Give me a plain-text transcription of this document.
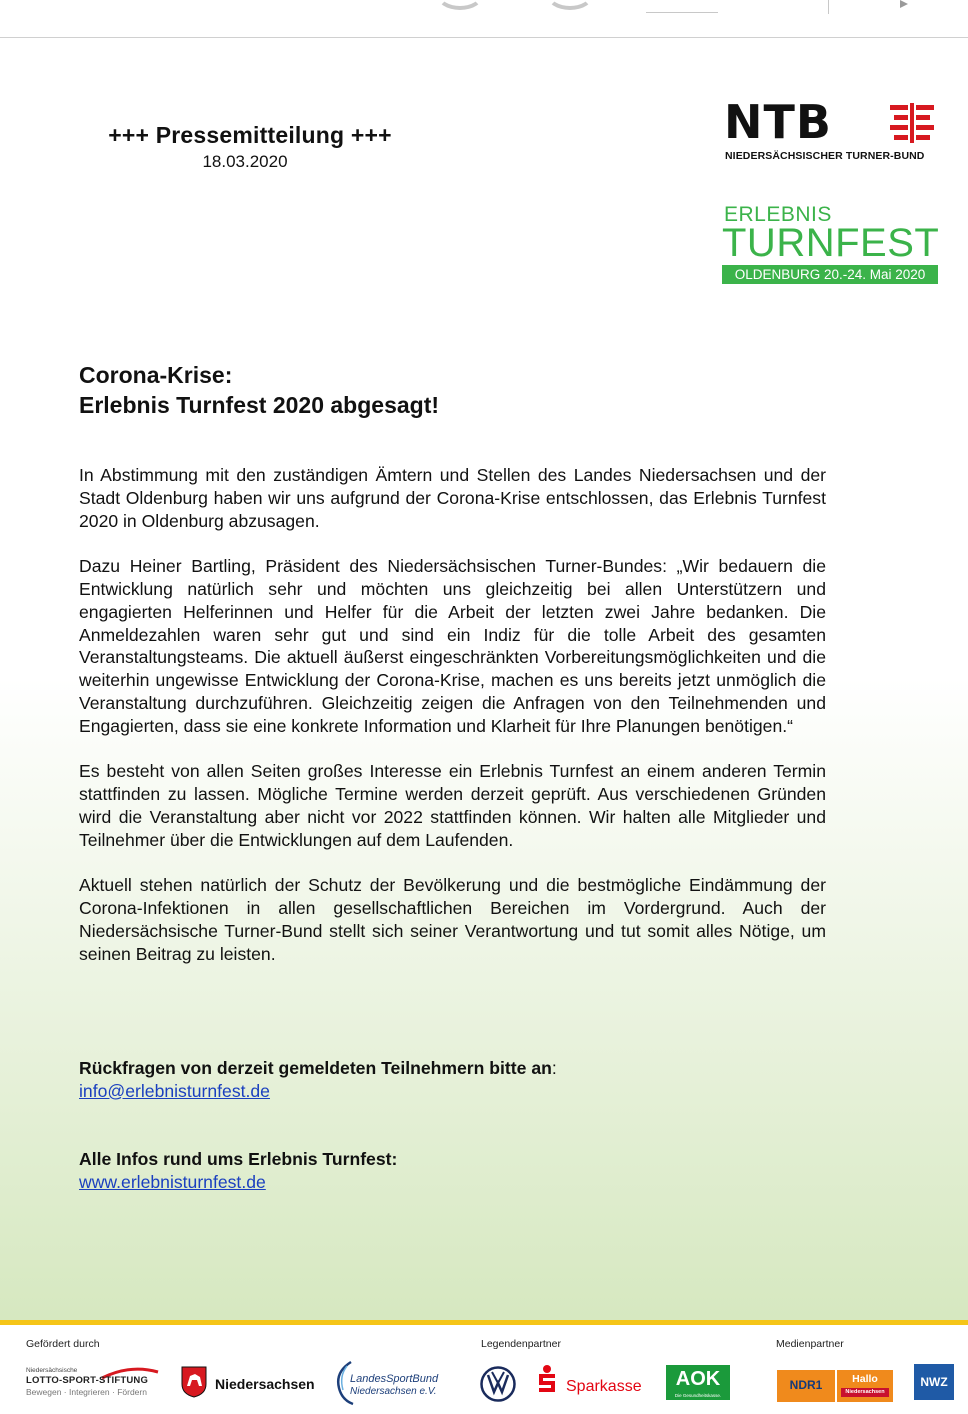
+++ Pressemitteilung +++
18.03.2020
NTB
NIEDERSÄCHSISCHER TURNER-BUND
ERLEBNIS
TURNFEST
OLDENBURG 20.-24. Mai 2020
Corona-Krise:
Erlebnis Turnfest 2020 abgesagt!

In Abstimmung mit den zuständigen Ämtern und Stellen des Landes Niedersachsen und der Stadt Oldenburg haben wir uns aufgrund der Corona-Krise entschlossen, das Erlebnis Turnfest 2020 in Oldenburg abzusagen.

Dazu Heiner Bartling, Präsident des Niedersächsischen Turner-Bundes: „Wir bedauern die Entwicklung natürlich sehr und möchten uns gleichzeitig bei allen Unterstützern und engagierten Helferinnen und Helfer für die Arbeit der letzten zwei Jahre bedanken. Die Anmeldezahlen waren sehr gut und sind ein Indiz für die tolle Arbeit des gesamten Veranstaltungsteams. Die aktuell äußerst eingeschränkten Vorbereitungsmöglichkeiten und die weiterhin ungewisse Entwicklung der Corona-Krise, machen es uns bereits jetzt unmöglich die Veranstaltung durchzuführen. Gleichzeitig zeigen die Anfragen von den Teilnehmenden und Engagierten, dass sie eine konkrete Information und Klarheit für Ihre Planungen benötigen.“

Es besteht von allen Seiten großes Interesse ein Erlebnis Turnfest an einem anderen Termin stattfinden zu lassen. Mögliche Termine werden derzeit geprüft. Aus verschiedenen Gründen wird die Veranstaltung aber nicht vor 2022 stattfinden können. Wir halten alle Mitglieder und Teilnehmer über die Entwicklungen auf dem Laufenden.

Aktuell stehen natürlich der Schutz der Bevölkerung und die bestmögliche Eindämmung der Corona-Infektionen in allen gesellschaftlichen Bereichen im Vordergrund. Auch der Niedersächsische Turner-Bund stellt sich seiner Verantwortung und tut somit alles Nötige, um seinen Beitrag zu leisten.

Rückfragen von derzeit gemeldeten Teilnehmern bitte an:
info@erlebnisturnfest.de
Alle Infos rund ums Erlebnis Turnfest:
www.erlebnisturnfest.de
Gefördert durch	Legendenpartner	Medienpartner
Niedersächsische
LOTTO-SPORT-STIFTUNG
Bewegen · Integrieren · Fördern	Niedersachsen	LandesSportBund
Niedersachsen e.V.	Sparkasse	AOK
Die Gesundheitskasse.
NDR1	Hallo
Niedersachsen
NWZ
